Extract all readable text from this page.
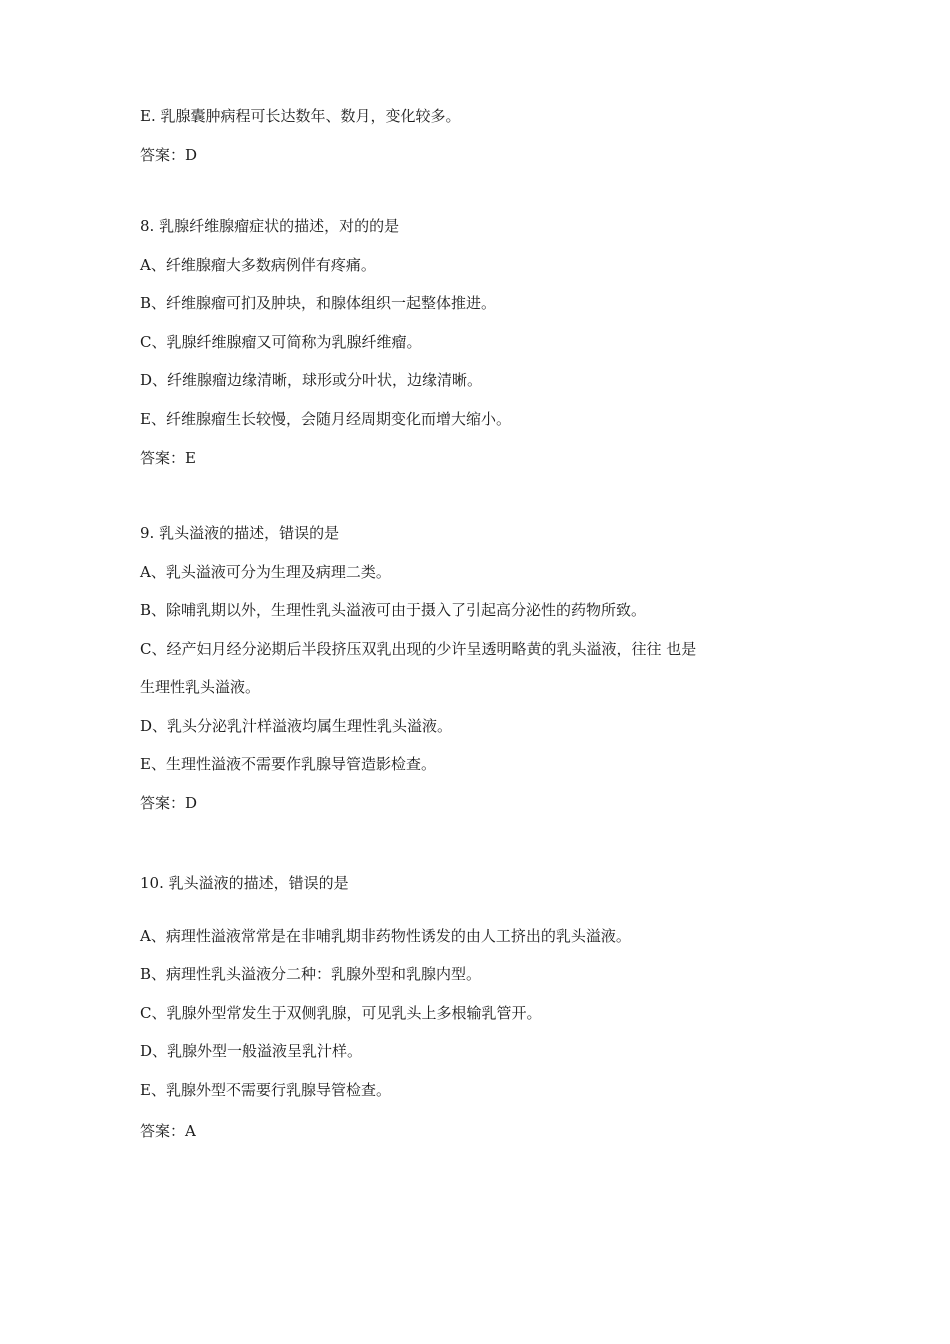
E. 乳腺囊肿病程可长达数年、数月，变化较多。
答案：D
8. 乳腺纤维腺瘤症状的描述，对的的是
A、纤维腺瘤大多数病例伴有疼痛。
B、纤维腺瘤可扪及肿块，和腺体组织一起整体推进。
C、乳腺纤维腺瘤又可简称为乳腺纤维瘤。
D、纤维腺瘤边缘清晰，球形或分叶状，边缘清晰。
E、纤维腺瘤生长较慢，会随月经周期变化而增大缩小。
答案：E
9. 乳头溢液的描述，错误的是
A、乳头溢液可分为生理及病理二类。
B、除哺乳期以外，生理性乳头溢液可由于摄入了引起高分泌性的药物所致。
C、经产妇月经分泌期后半段挤压双乳出现的少许呈透明略黄的乳头溢液，往往 也是
生理性乳头溢液。
D、乳头分泌乳汁样溢液均属生理性乳头溢液。
E、生理性溢液不需要作乳腺导管造影检查。
答案：D
10. 乳头溢液的描述，错误的是
A、病理性溢液常常是在非哺乳期非药物性诱发的由人工挤出的乳头溢液。
B、病理性乳头溢液分二种：乳腺外型和乳腺内型。
C、乳腺外型常发生于双侧乳腺，可见乳头上多根输乳管开。
D、乳腺外型一般溢液呈乳汁样。
E、乳腺外型不需要行乳腺导管检查。
答案：A
